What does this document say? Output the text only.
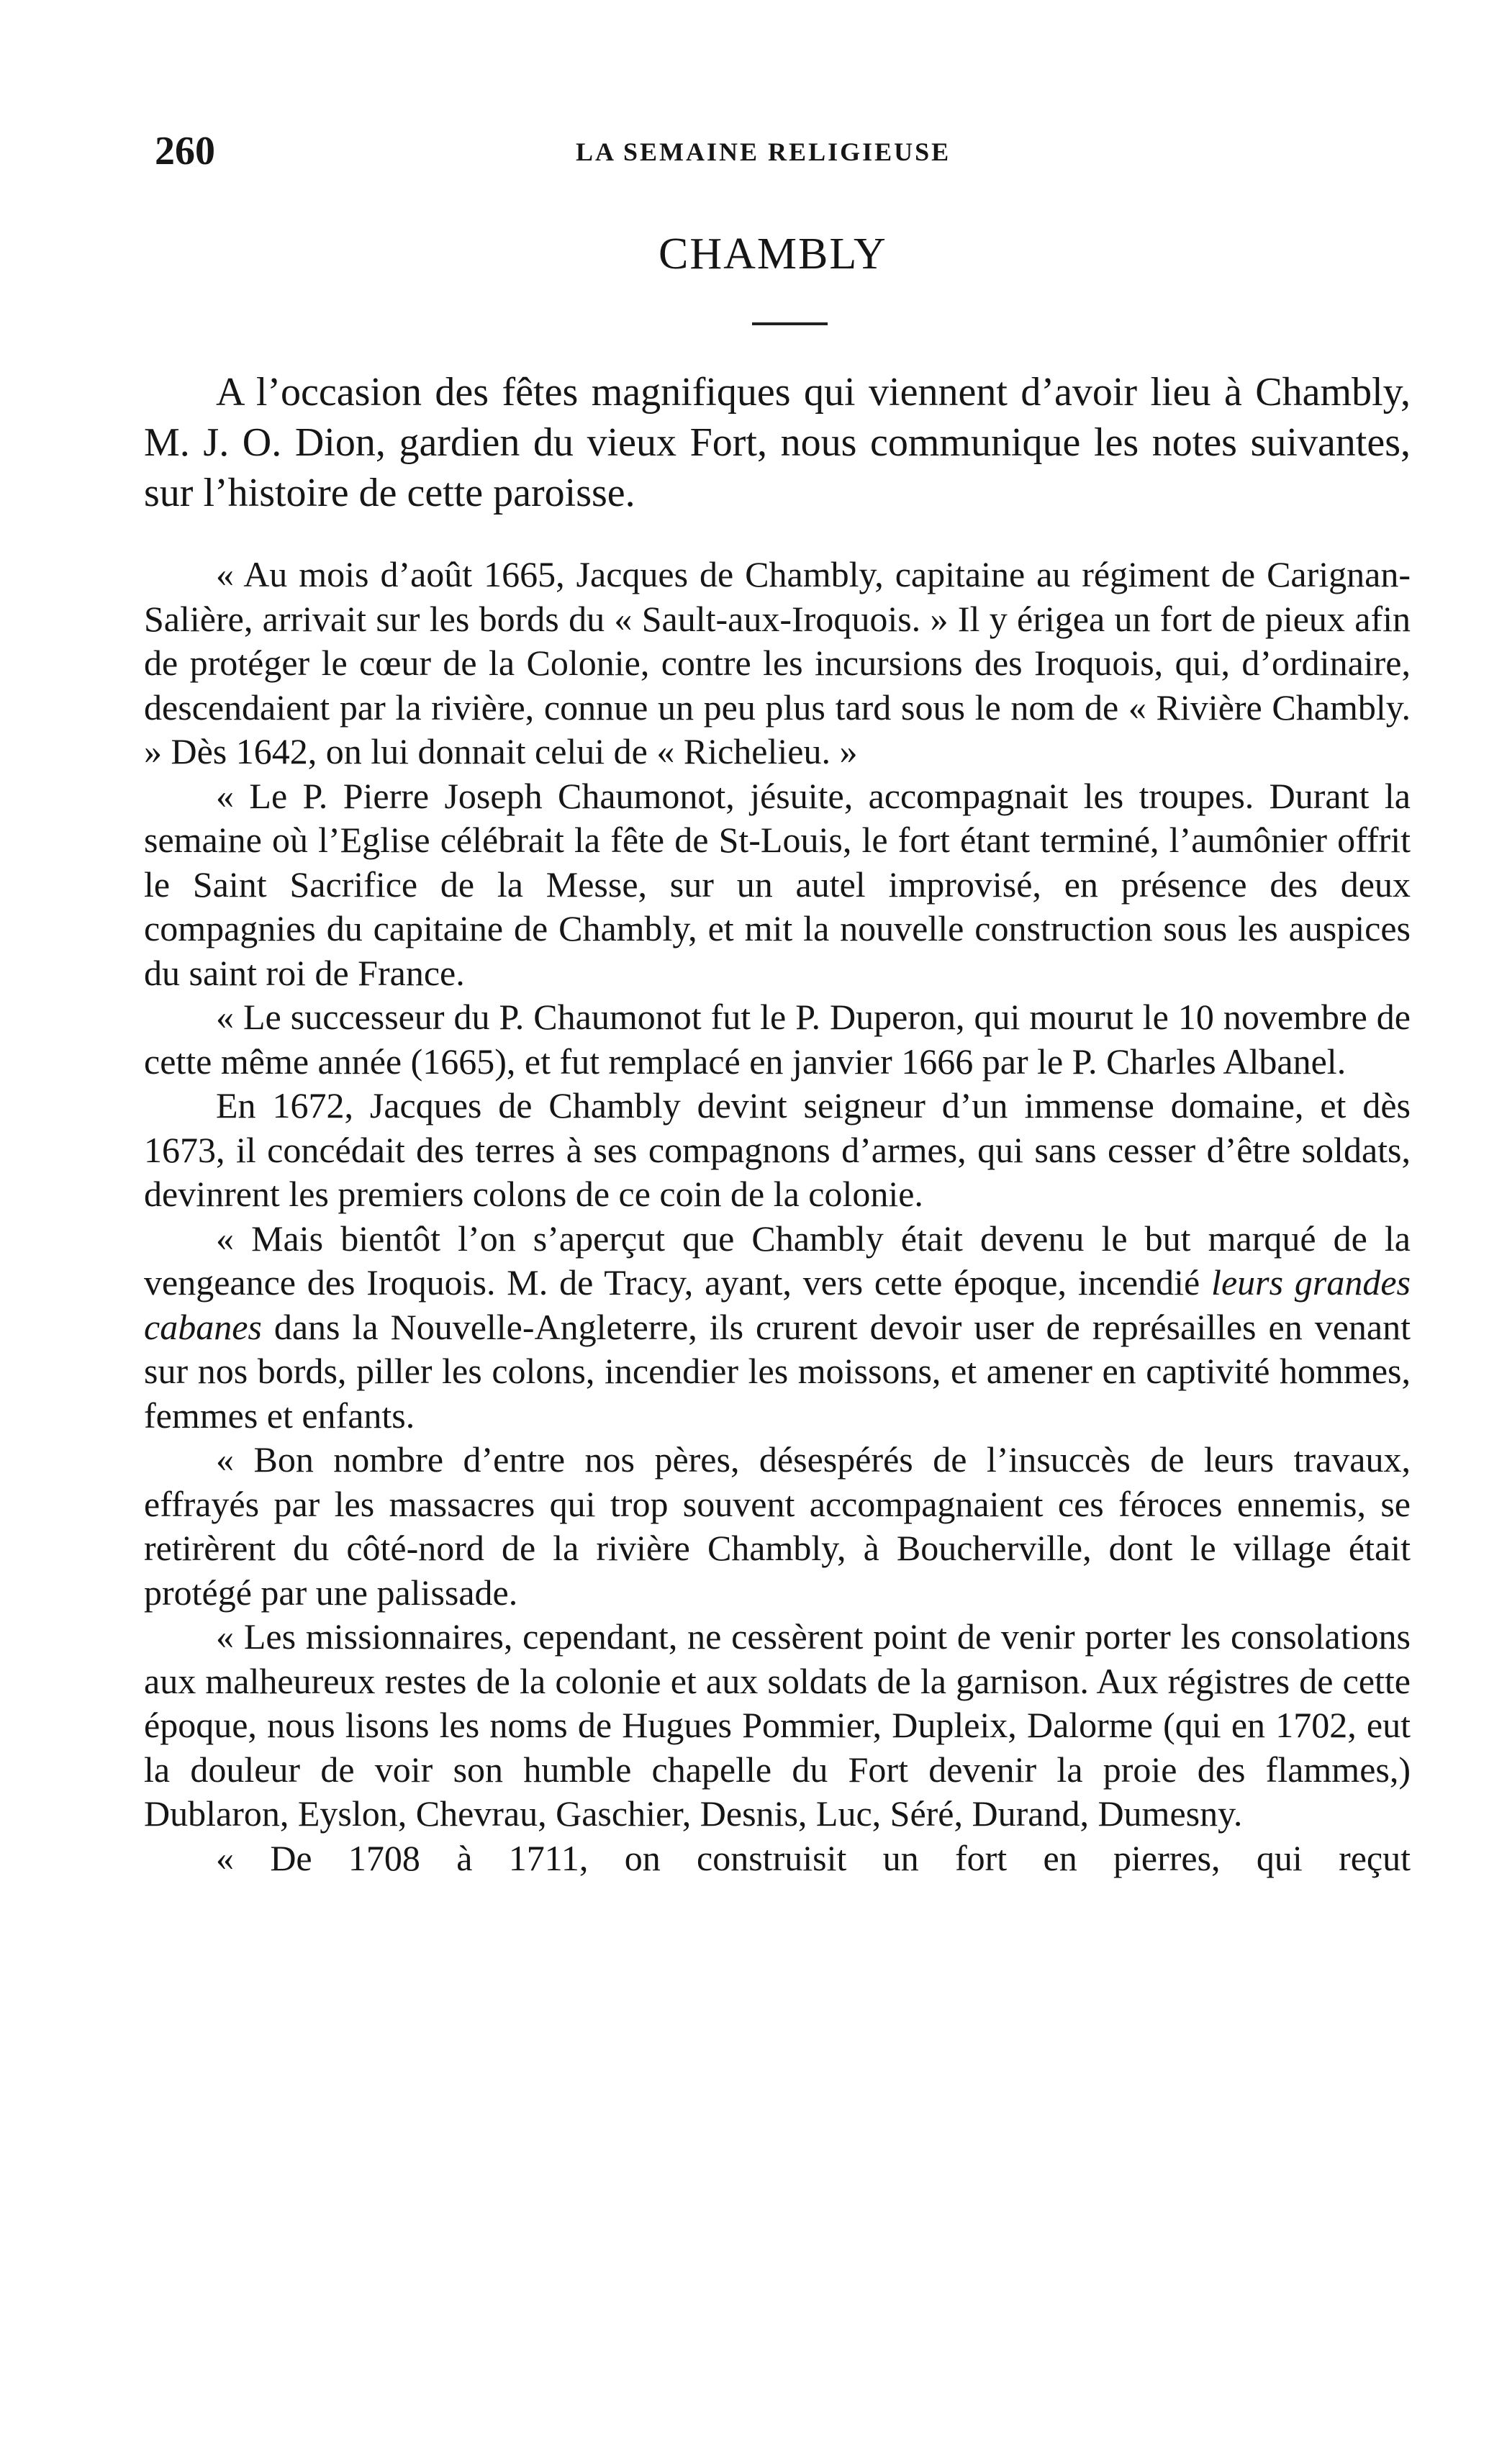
260	LA SEMAINE RELIGIEUSE
CHAMBLY

A l’occasion des fêtes magnifiques qui viennent d’avoir lieu à Chambly, M. J. O. Dion, gardien du vieux Fort, nous communique les notes suivantes, sur l’histoire de cette paroisse.

« Au mois d’août 1665, Jacques de Chambly, capitaine au régiment de Carignan-Salière, arrivait sur les bords du « Sault-aux-Iroquois. » Il y érigea un fort de pieux afin de protéger le cœur de la Colonie, contre les incursions des Iroquois, qui, d’ordinaire, descendaient par la rivière, connue un peu plus tard sous le nom de « Rivière Chambly. » Dès 1642, on lui donnait celui de « Richelieu. »

« Le P. Pierre Joseph Chaumonot, jésuite, accompagnait les troupes. Durant la semaine où l’Eglise célébrait la fête de St-Louis, le fort étant terminé, l’aumônier offrit le Saint Sacrifice de la Messe, sur un autel improvisé, en présence des deux compagnies du capitaine de Chambly, et mit la nouvelle construction sous les auspices du saint roi de France.

« Le successeur du P. Chaumonot fut le P. Duperon, qui mourut le 10 novembre de cette même année (1665), et fut remplacé en janvier 1666 par le P. Charles Albanel.

En 1672, Jacques de Chambly devint seigneur d’un immense domaine, et dès 1673, il concédait des terres à ses compagnons d’armes, qui sans cesser d’être soldats, devinrent les premiers colons de ce coin de la colonie.

« Mais bientôt l’on s’aperçut que Chambly était devenu le but marqué de la vengeance des Iroquois. M. de Tracy, ayant, vers cette époque, incendié leurs grandes cabanes dans la Nouvelle-Angleterre, ils crurent devoir user de représailles en venant sur nos bords, piller les colons, incendier les moissons, et amener en captivité hommes, femmes et enfants.

« Bon nombre d’entre nos pères, désespérés de l’insuccès de leurs travaux, effrayés par les massacres qui trop souvent accompagnaient ces féroces ennemis, se retirèrent du côté-nord de la rivière Chambly, à Boucherville, dont le village était protégé par une palissade.

« Les missionnaires, cependant, ne cessèrent point de venir porter les consolations aux malheureux restes de la colonie et aux soldats de la garnison. Aux régistres de cette époque, nous lisons les noms de Hugues Pommier, Dupleix, Dalorme (qui en 1702, eut la douleur de voir son humble chapelle du Fort devenir la proie des flammes,) Dublaron, Eyslon, Chevrau, Gaschier, Desnis, Luc, Séré, Durand, Dumesny.

« De 1708 à 1711, on construisit un fort en pierres, qui reçut
